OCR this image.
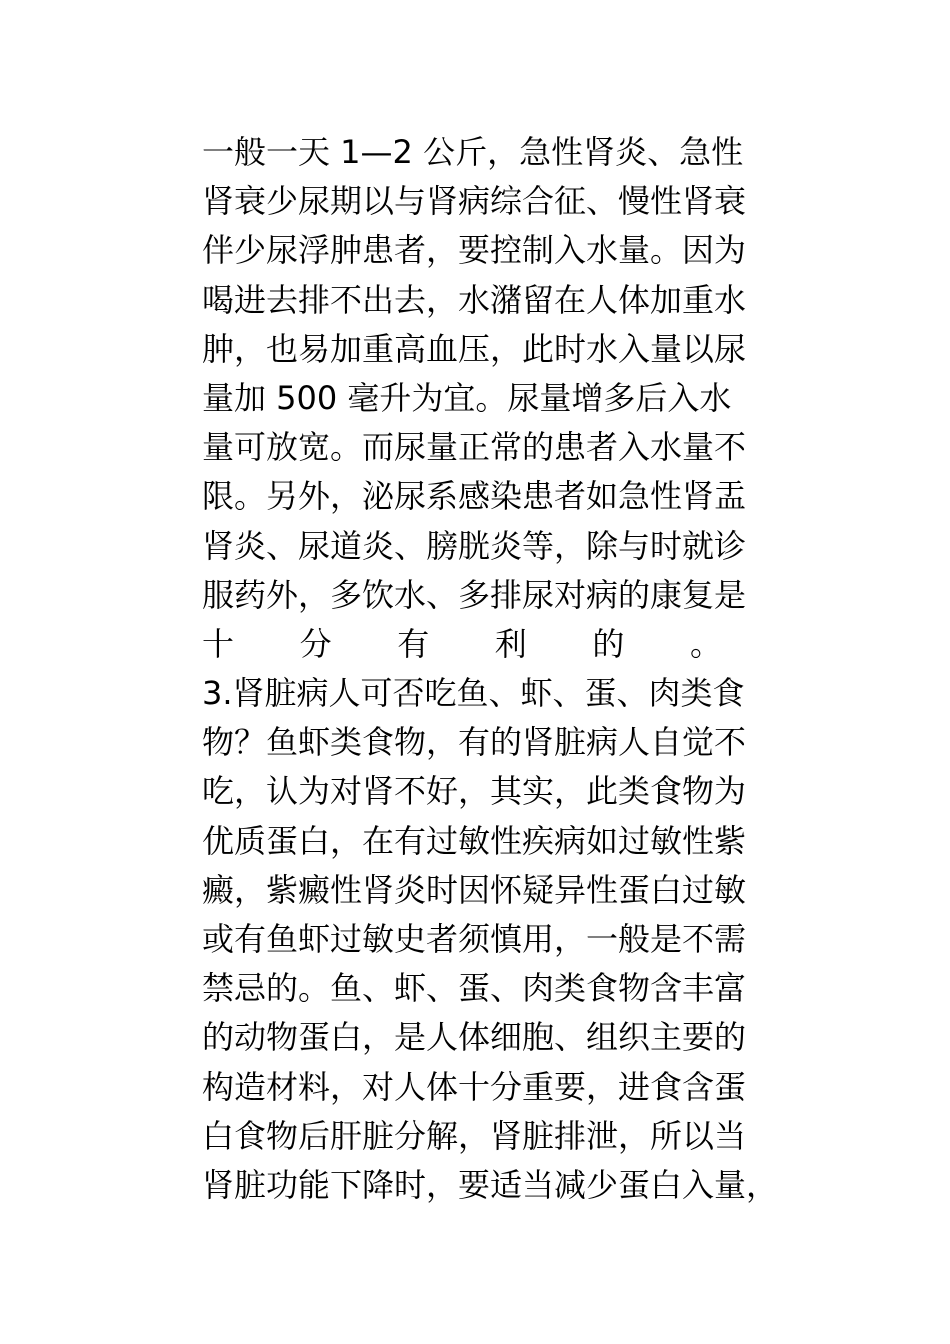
一般一天 1—2 公斤，急性肾炎、急性
肾衰少尿期以与肾病综合征、慢性肾衰
伴少尿浮肿患者，要控制入水量。因为
喝进去排不出去，水潴留在人体加重水
肿，也易加重高血压，此时水入量以尿
量加 500 毫升为宜。尿量增多后入水
量可放宽。而尿量正常的患者入水量不
限。另外，泌尿系感染患者如急性肾盂
肾炎、尿道炎、膀胱炎等，除与时就诊
服药外，多饮水、多排尿对病的康复是
十 分 有 利 的 。
3.肾脏病人可否吃鱼、虾、蛋、肉类食
物？鱼虾类食物，有的肾脏病人自觉不
吃，认为对肾不好，其实，此类食物为
优质蛋白，在有过敏性疾病如过敏性紫
癜，紫癜性肾炎时因怀疑异性蛋白过敏
或有鱼虾过敏史者须慎用，一般是不需
禁忌的。鱼、虾、蛋、肉类食物含丰富
的动物蛋白，是人体细胞、组织主要的
构造材料，对人体十分重要，进食含蛋
白食物后肝脏分解，肾脏排泄，所以当
肾脏功能下降时，要适当减少蛋白入量，
